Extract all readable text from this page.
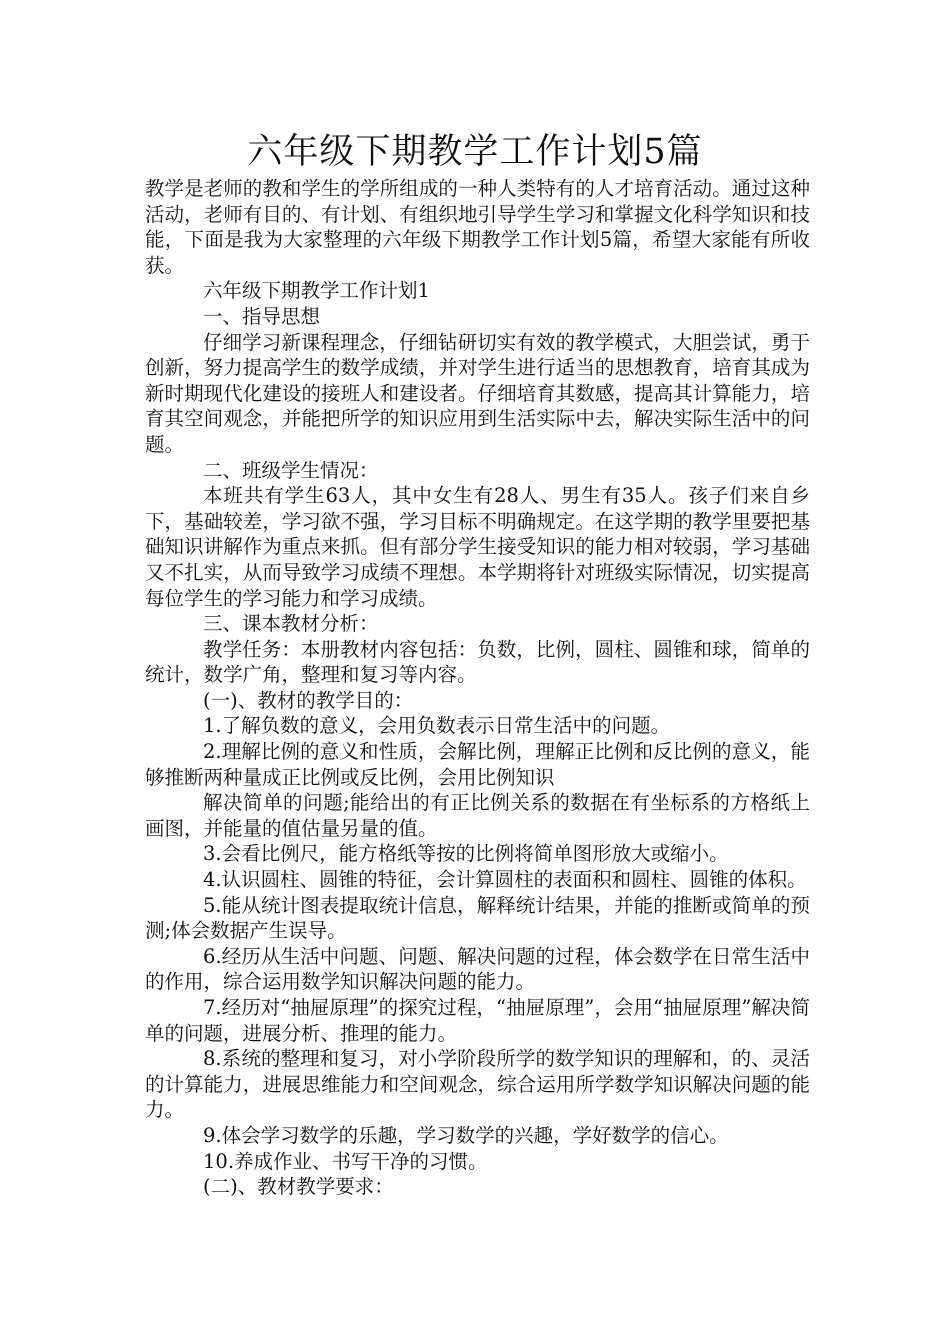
六年级下期教学工作计划5篇

教学是老师的教和学生的学所组成的一种人类特有的人才培育活动。通过这种活动，老师有目的、有计划、有组织地引导学生学习和掌握文化科学知识和技能，下面是我为大家整理的六年级下期教学工作计划5篇，希望大家能有所收获。

六年级下期教学工作计划1

一、指导思想

仔细学习新课程理念，仔细钻研切实有效的教学模式，大胆尝试，勇于创新，努力提高学生的数学成绩，并对学生进行适当的思想教育，培育其成为新时期现代化建设的接班人和建设者。仔细培育其数感，提高其计算能力，培育其空间观念，并能把所学的知识应用到生活实际中去，解决实际生活中的问题。

二、班级学生情况：

本班共有学生63人，其中女生有28人、男生有35人。孩子们来自乡下，基础较差，学习欲不强，学习目标不明确规定。在这学期的教学里要把基础知识讲解作为重点来抓。但有部分学生接受知识的能力相对较弱，学习基础又不扎实，从而导致学习成绩不理想。本学期将针对班级实际情况，切实提高每位学生的学习能力和学习成绩。

三、课本教材分析：

教学任务：本册教材内容包括：负数，比例，圆柱、圆锥和球，简单的统计，数学广角，整理和复习等内容。

(一)、教材的教学目的：

1.了解负数的意义，会用负数表示日常生活中的问题。

2.理解比例的意义和性质，会解比例，理解正比例和反比例的意义，能够推断两种量成正比例或反比例，会用比例知识

解决简单的问题;能给出的有正比例关系的数据在有坐标系的方格纸上画图，并能量的值估量另量的值。

3.会看比例尺，能方格纸等按的比例将简单图形放大或缩小。

4.认识圆柱、圆锥的特征，会计算圆柱的表面积和圆柱、圆锥的体积。

5.能从统计图表提取统计信息，解释统计结果，并能的推断或简单的预测;体会数据产生误导。

6.经历从生活中问题、问题、解决问题的过程，体会数学在日常生活中的作用，综合运用数学知识解决问题的能力。

7.经历对“抽屉原理”的探究过程，“抽屉原理”，会用“抽屉原理”解决简单的问题，进展分析、推理的能力。

8.系统的整理和复习，对小学阶段所学的数学知识的理解和，的、灵活的计算能力，进展思维能力和空间观念，综合运用所学数学知识解决问题的能力。

9.体会学习数学的乐趣，学习数学的兴趣，学好数学的信心。

10.养成作业、书写干净的习惯。

(二)、教材教学要求：
